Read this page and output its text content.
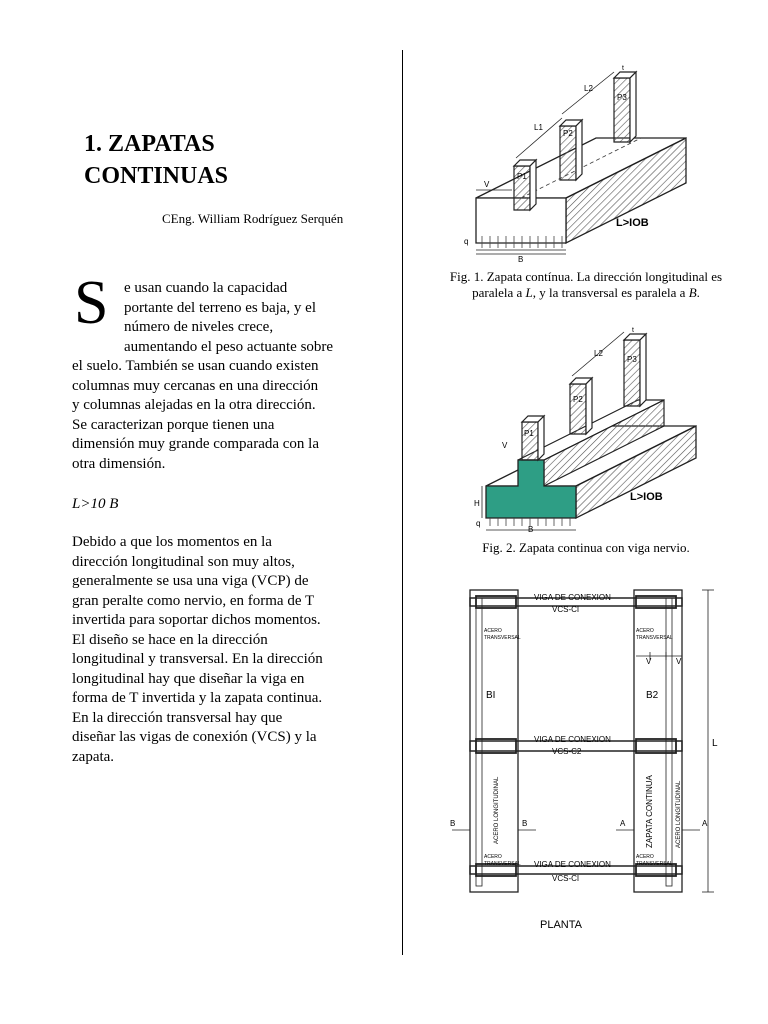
1. ZAPATAS
CONTINUAS
CEng. William Rodríguez Serquén
S e usan cuando la capacidad
portante del terreno es baja, y el
número de niveles crece,
aumentando el peso actuante sobre
el suelo. También se usan cuando existen
columnas muy cercanas en una dirección
y columnas alejadas en la otra dirección.
Se caracterizan porque tienen una
dimensión muy grande comparada con la
otra dimensión.
L>10 B
Debido a que los momentos en la
dirección longitudinal son muy altos,
generalmente se usa una viga (VCP) de
gran peralte como nervio, en forma de T
invertida para soportar dichos momentos.
El diseño se hace en la dirección
longitudinal y transversal. En la dirección
longitudinal hay que diseñar la viga en
forma de T invertida y la zapata continua.
En la dirección transversal hay que
diseñar las vigas de conexión (VCS) y la
zapata.
P1
P2
P3
L1
L2
V
q
B
t
L>IOB
Fig. 1. Zapata contínua. La dirección longitudinal es
paralela a L, y la transversal es paralela a B.
P1
P2
P3
L2
V
H
q
B
t
L>IOB
Fig. 2. Zapata continua con viga nervio.
VIGA DE CONEXION
VCS-CI
VIGA DE CONEXION
VCS-C2
VIGA DE CONEXION
VCS-CI
ACERO
TRANSVERSAL
ACERO
TRANSVERSAL
ACERO
TRANSVERSAL
ACERO
TRANSVERSAL
BI	B2
V	V
L
B	B	A	A
ACERO LONGITUDINAL	ACERO LONGITUDINAL
ZAPATA CONTINUA
PLANTA
